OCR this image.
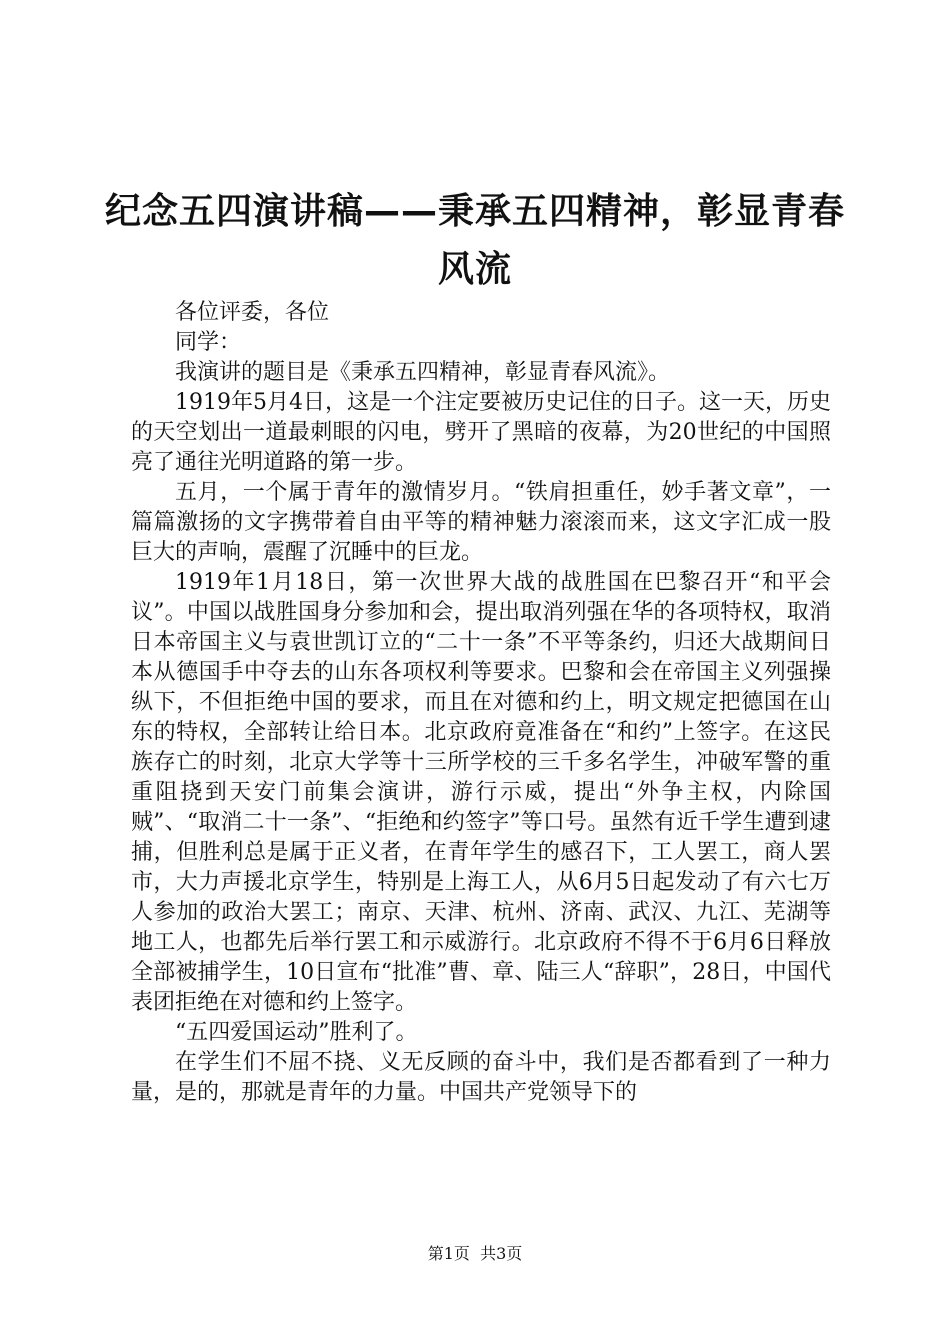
纪念五四演讲稿——秉承五四精神，彰显青春
风流

各位评委，各位

同学：

我演讲的题目是《秉承五四精神，彰显青春风流》。

1919年5月4日，这是一个注定要被历史记住的日子。这一天，历史的天空划出一道最刺眼的闪电，劈开了黑暗的夜幕，为20世纪的中国照亮了通往光明道路的第一步。

五月，一个属于青年的激情岁月。“铁肩担重任，妙手著文章”，一篇篇激扬的文字携带着自由平等的精神魅力滚滚而来，这文字汇成一股巨大的声响，震醒了沉睡中的巨龙。

1919年1月18日，第一次世界大战的战胜国在巴黎召开“和平会议”。中国以战胜国身分参加和会，提出取消列强在华的各项特权，取消日本帝国主义与袁世凯订立的“二十一条”不平等条约，归还大战期间日本从德国手中夺去的山东各项权利等要求。巴黎和会在帝国主义列强操纵下，不但拒绝中国的要求，而且在对德和约上，明文规定把德国在山东的特权，全部转让给日本。北京政府竟准备在“和约”上签字。在这民族存亡的时刻，北京大学等十三所学校的三千多名学生，冲破军警的重重阻挠到天安门前集会演讲，游行示威，提出“外争主权，内除国贼”、“取消二十一条”、“拒绝和约签字”等口号。虽然有近千学生遭到逮捕，但胜利总是属于正义者，在青年学生的感召下，工人罢工，商人罢市，大力声援北京学生，特别是上海工人，从6月5日起发动了有六七万人参加的政治大罢工；南京、天津、杭州、济南、武汉、九江、芜湖等地工人，也都先后举行罢工和示威游行。北京政府不得不于6月6日释放全部被捕学生，10日宣布“批准”曹、章、陆三人“辞职”，28日，中国代表团拒绝在对德和约上签字。

“五四爱国运动”胜利了。

在学生们不屈不挠、义无反顾的奋斗中，我们是否都看到了一种力量，是的，那就是青年的力量。中国共产党领导下的

第1页  共3页
